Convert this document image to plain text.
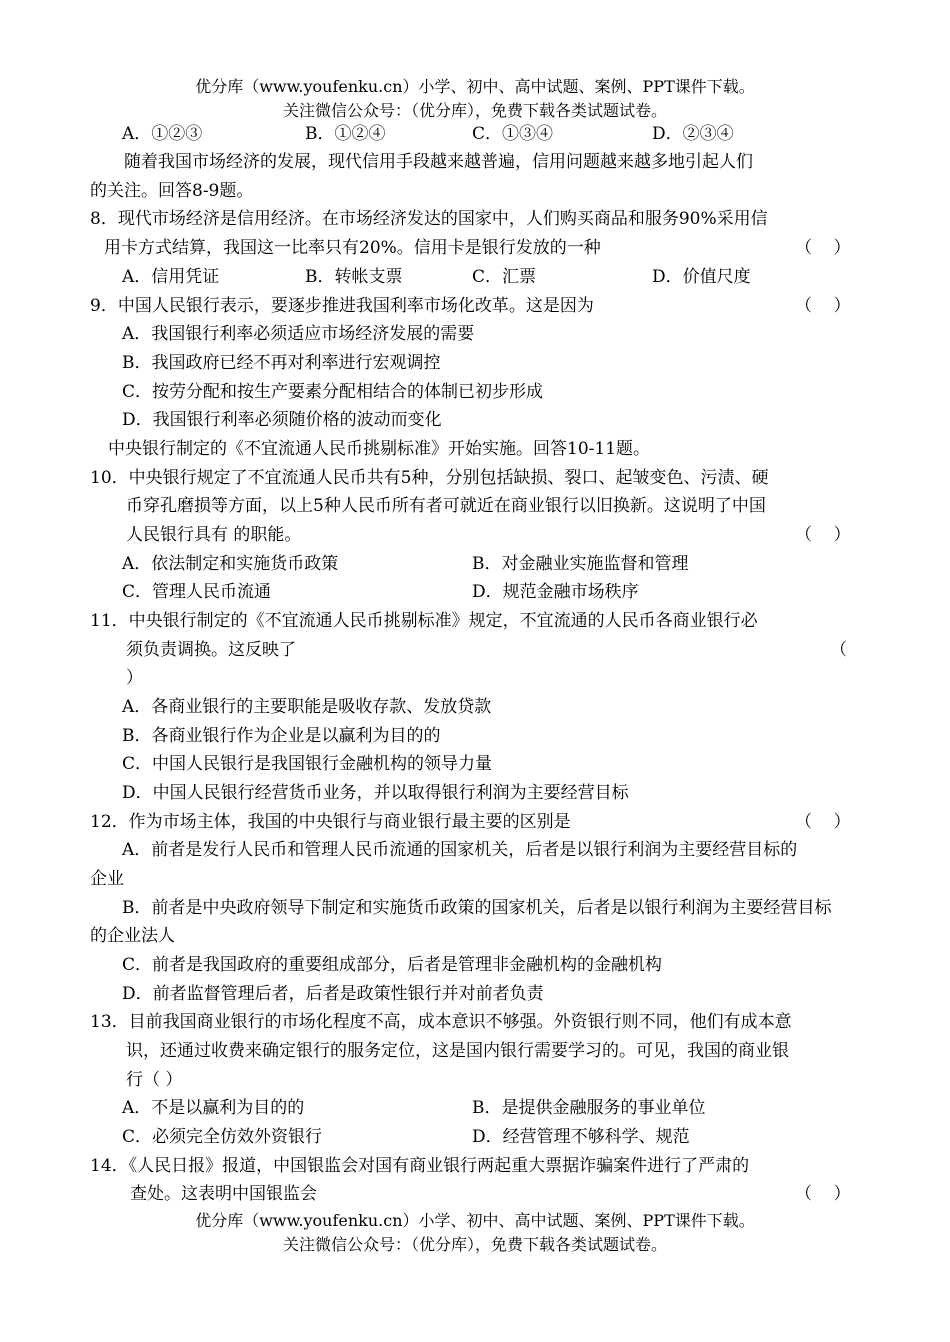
优分库（www.youfenku.cn）小学、初中、高中试题、案例、PPT课件下载。
关注微信公众号：（优分库），免费下载各类试题试卷。
A．①②③	B．①②④	C．①③④	D．②③④
随着我国市场经济的发展，现代信用手段越来越普遍，信用问题越来越多地引起人们
的关注。回答8-9题。
8．现代市场经济是信用经济。在市场经济发达的国家中，人们购买商品和服务90%采用信
用卡方式结算，我国这一比率只有20%。信用卡是银行发放的一种	（    ）
A．信用凭证	B．转帐支票	C．汇票	D．价值尺度
9．中国人民银行表示，要逐步推进我国利率市场化改革。这是因为	（    ）
A．我国银行利率必须适应市场经济发展的需要
B．我国政府已经不再对利率进行宏观调控
C．按劳分配和按生产要素分配相结合的体制已初步形成
D．我国银行利率必须随价格的波动而变化
中央银行制定的《不宜流通人民币挑剔标准》开始实施。回答10-11题。
10．中央银行规定了不宜流通人民币共有5种，分别包括缺损、裂口、起皱变色、污渍、硬
币穿孔磨损等方面，以上5种人民币所有者可就近在商业银行以旧换新。这说明了中国
人民银行具有 的职能。	（    ）
A．依法制定和实施货币政策	B．对金融业实施监督和管理
C．管理人民币流通	D．规范金融市场秩序
11．中央银行制定的《不宜流通人民币挑剔标准》规定，不宜流通的人民币各商业银行必
须负责调换。这反映了	（
）
A．各商业银行的主要职能是吸收存款、发放贷款
B．各商业银行作为企业是以赢利为目的的
C．中国人民银行是我国银行金融机构的领导力量
D．中国人民银行经营货币业务，并以取得银行利润为主要经营目标
12．作为市场主体，我国的中央银行与商业银行最主要的区别是	（    ）
A．前者是发行人民币和管理人民币流通的国家机关，后者是以银行利润为主要经营目标的
企业
B．前者是中央政府领导下制定和实施货币政策的国家机关，后者是以银行利润为主要经营目标
的企业法人
C．前者是我国政府的重要组成部分，后者是管理非金融机构的金融机构
D．前者监督管理后者，后者是政策性银行并对前者负责
13．目前我国商业银行的市场化程度不高，成本意识不够强。外资银行则不同，他们有成本意
识，还通过收费来确定银行的服务定位，这是国内银行需要学习的。可见，我国的商业银
行（ ）
A．不是以赢利为目的的	B．是提供金融服务的事业单位
C．必须完全仿效外资银行	D．经营管理不够科学、规范
14．《人民日报》报道，中国银监会对国有商业银行两起重大票据诈骗案件进行了严肃的
查处。这表明中国银监会	（    ）
优分库（www.youfenku.cn）小学、初中、高中试题、案例、PPT课件下载。
关注微信公众号：（优分库），免费下载各类试题试卷。
